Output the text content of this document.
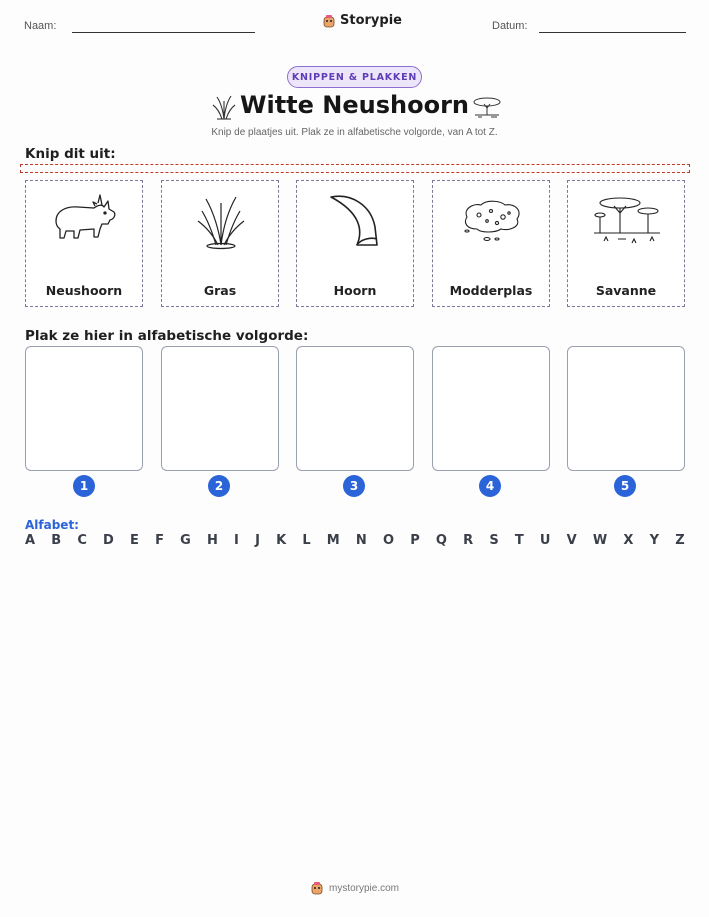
Naam:	Storypie	Datum:
KNIPPEN & PLAKKEN
Witte Neushoorn
Knip de plaatjes uit. Plak ze in alfabetische volgorde, van A tot Z.
Knip dit uit:
Neushoorn	Gras	Hoorn	Modderplas	Savanne
Plak ze hier in alfabetische volgorde:
1	2	3	4	5
Alfabet:
A B C D E F G H I J K L M N O P Q R S T U V W X Y Z
mystorypie.com
